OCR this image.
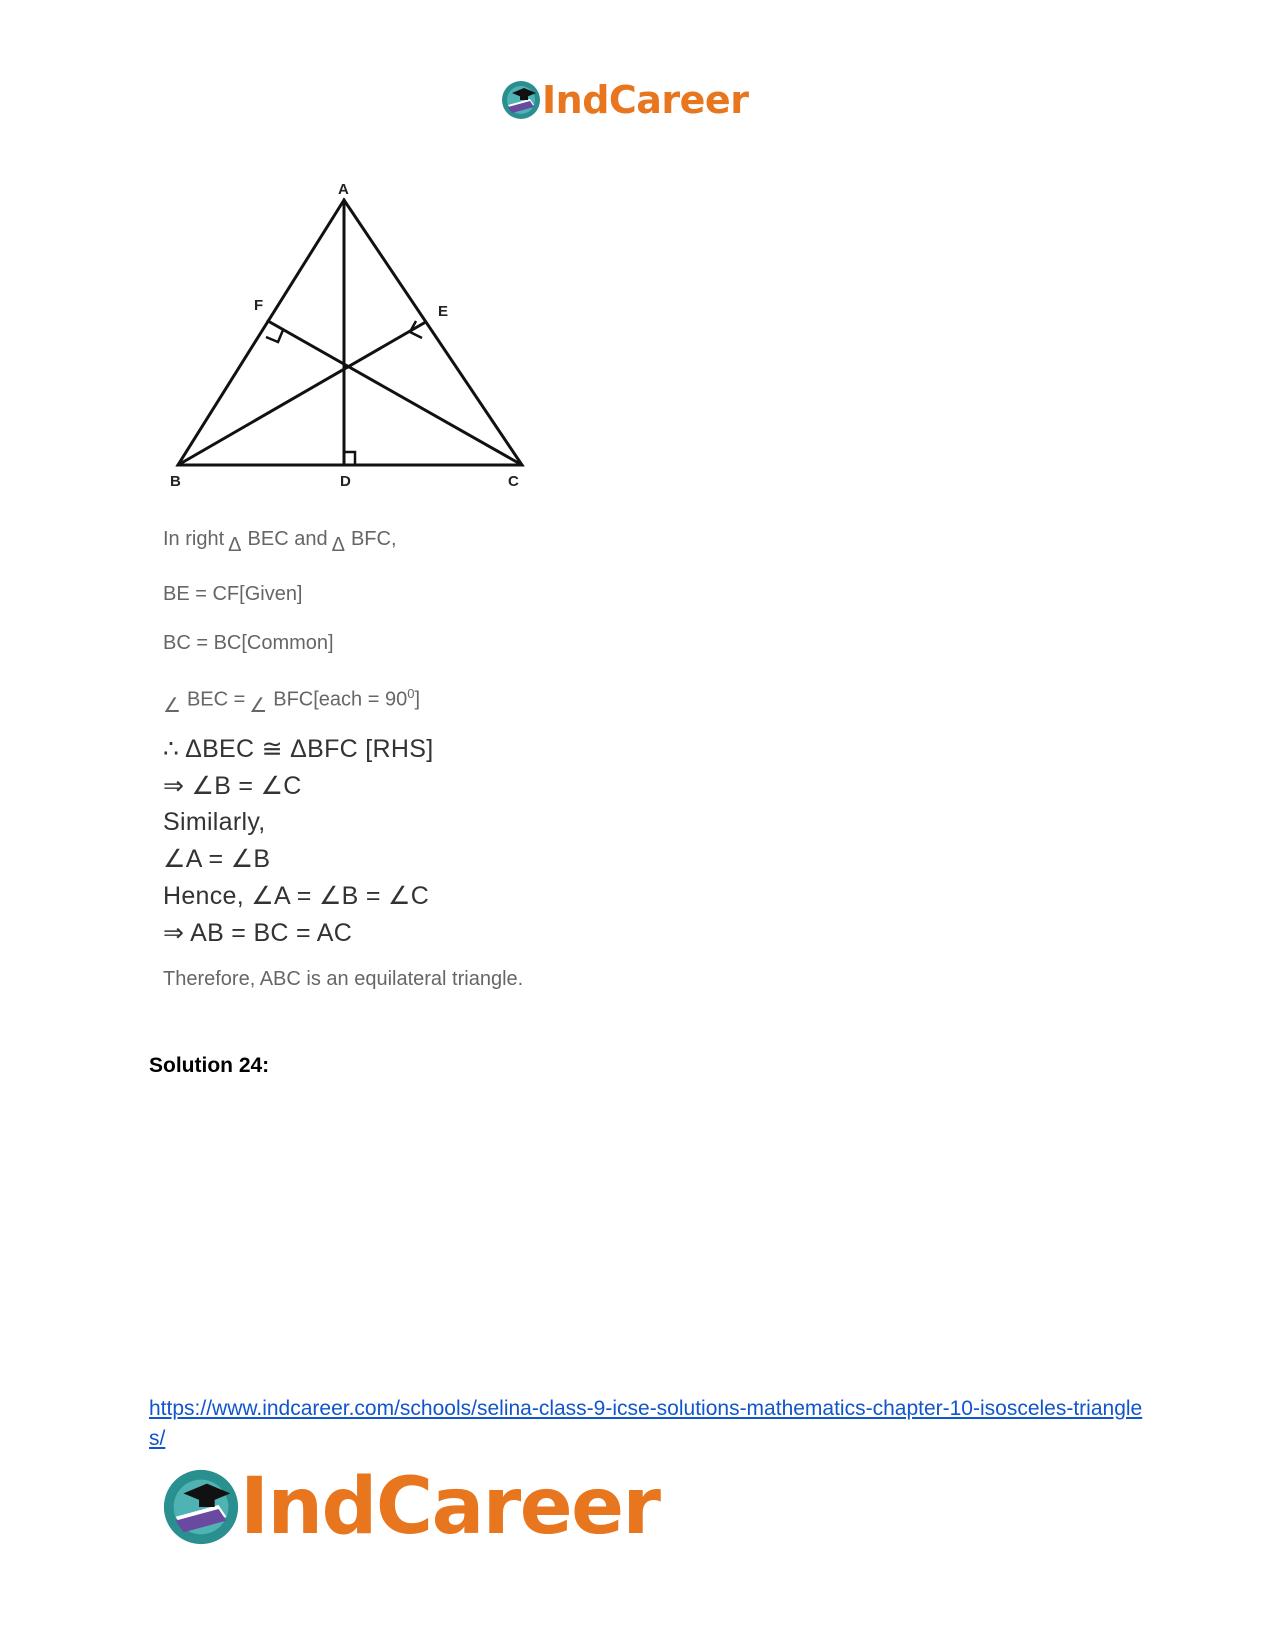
IndCareer
A
B	C
D
E
F
In right Δ BEC and Δ BFC,
BE = CF[Given]
BC = BC[Common]
∠ BEC = ∠ BFC[each = $90^0$]
∴ ΔBEC ≅ ΔBFC [RHS]
⇒ ∠B = ∠C
Similarly,
∠A = ∠B
Hence, ∠A = ∠B = ∠C
⇒ AB = BC = AC
Therefore, ABC is an equilateral triangle.
Solution 24:
https://www.indcareer.com/schools/selina-class-9-icse-solutions-mathematics-chapter-10-isosceles-triangles/
IndCareer
